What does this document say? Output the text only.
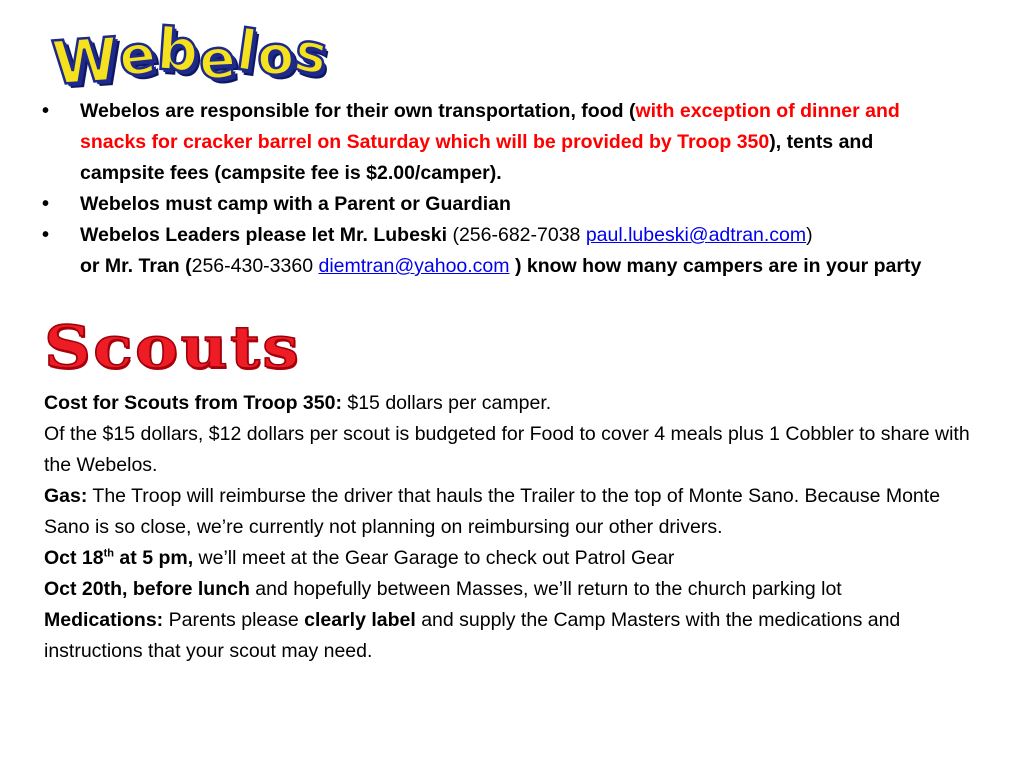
W
e
b
e
l
o
s
•	Webelos are responsible for their own transportation, food (with exception of dinner and snacks for cracker barrel on Saturday which will be provided by Troop 350), tents and campsite fees (campsite fee is $2.00/camper).
•	Webelos must camp with a Parent or Guardian
•	Webelos Leaders please let Mr. Lubeski (256-682-7038 paul.lubeski@adtran.com)
or Mr. Tran (256-430-3360 diemtran@yahoo.com ) know how many campers are in your party
Scouts

Cost for Scouts from Troop 350: $15 dollars per camper.
Of the $15 dollars, $12 dollars per scout is budgeted for Food to cover 4 meals plus 1 Cobbler to share with the Webelos.

Gas: The Troop will reimburse the driver that hauls the Trailer to the top of Monte Sano. Because Monte Sano is so close, we’re currently not planning on reimbursing our other drivers.

Oct 18th at 5 pm, we’ll meet at the Gear Garage to check out Patrol Gear

Oct 20th, before lunch and hopefully between Masses, we’ll return to the church parking lot

Medications: Parents please clearly label and supply the Camp Masters with the medications and instructions that your scout may need.
